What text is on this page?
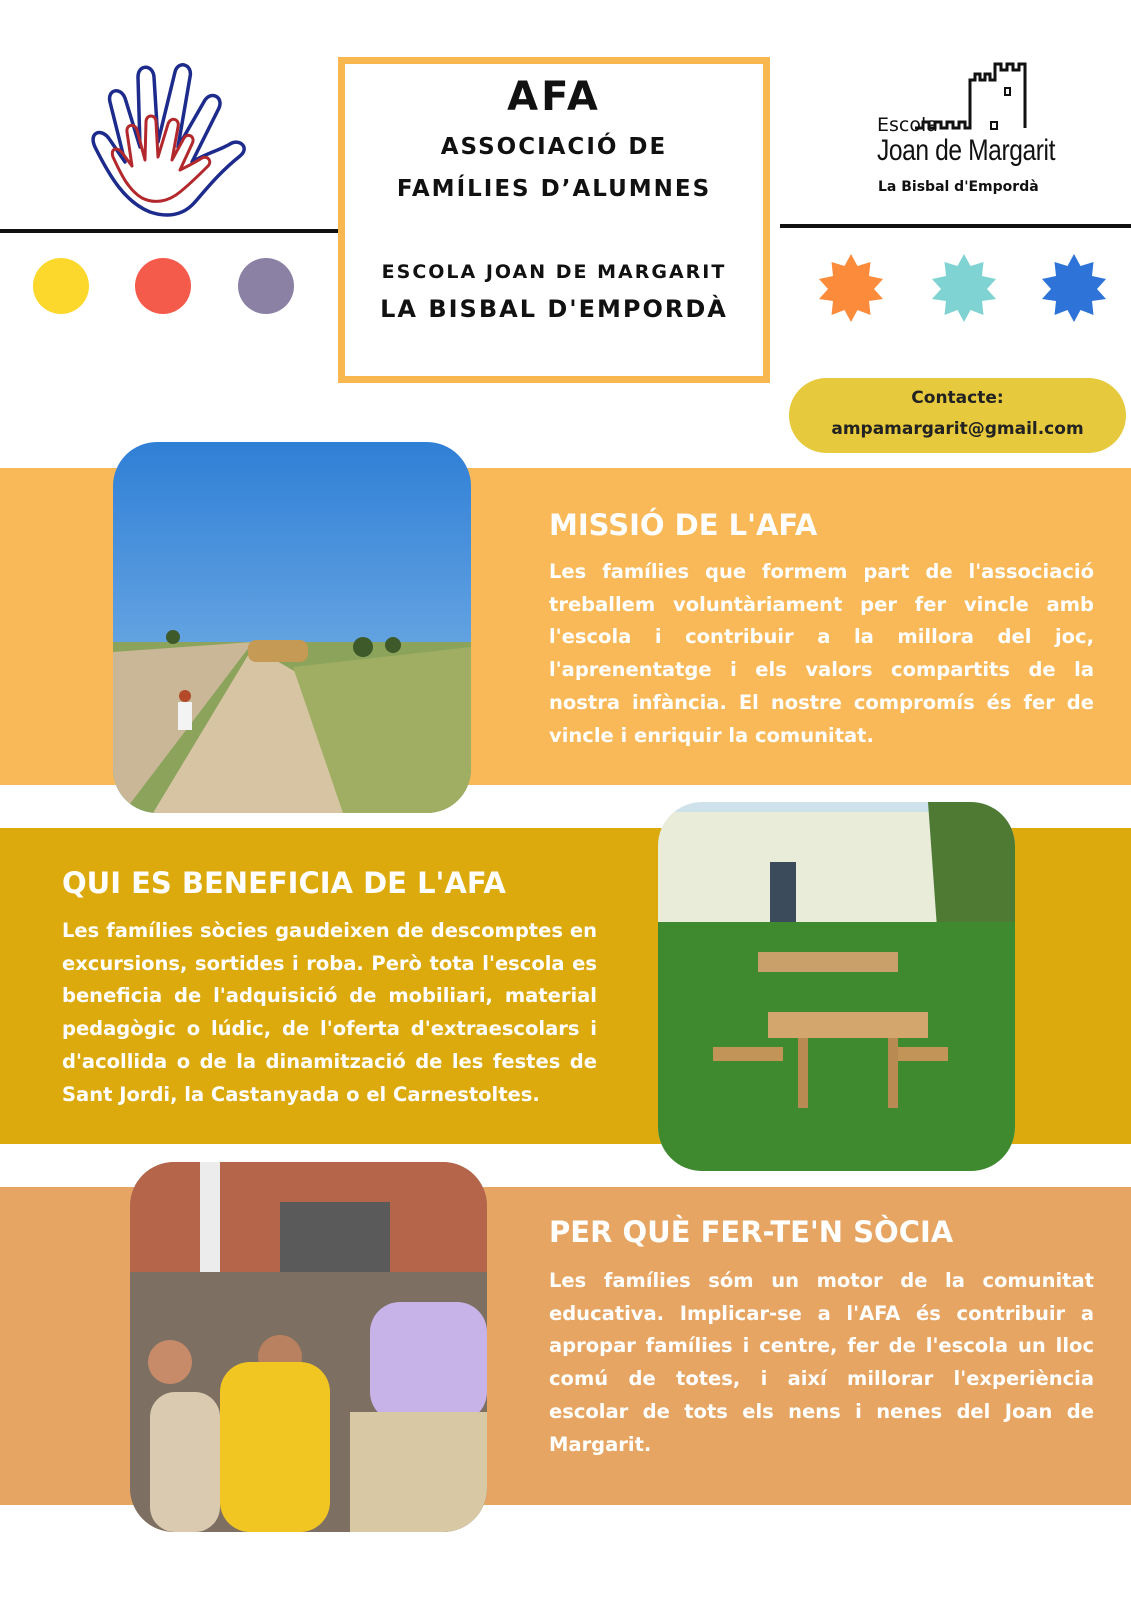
AFA
ASSOCIACIÓ DE
FAMÍLIES D’ALUMNES
ESCOLA JOAN DE MARGARIT
LA BISBAL D'EMPORDÀ
Escola
Joan de Margarit
La Bisbal d'Empordà
Contacte:
ampamargarit@gmail.com
MISSIÓ DE L'AFA
Les famílies que formem part de l'associació treballem voluntàriament per fer vincle amb l'escola i contribuir a la millora del joc, l'aprenentatge i els valors compartits de la nostra infància. El nostre compromís és fer de vincle i enriquir la comunitat.
QUI ES BENEFICIA DE L'AFA
Les famílies sòcies gaudeixen de descomptes en excursions, sortides i roba. Però tota l'escola es beneficia de l'adquisició de mobiliari, material pedagògic o lúdic, de l'oferta d'extraescolars i d'acollida o de la dinamització de les festes de Sant Jordi, la Castanyada o el Carnestoltes.
PER QUÈ FER-TE'N SÒCIA
Les famílies sóm un motor de la comunitat educativa. Implicar-se a l'AFA és contribuir a apropar famílies i centre, fer de l'escola un lloc comú de totes, i així millorar l'experiència escolar de tots els nens i nenes del Joan de Margarit.
